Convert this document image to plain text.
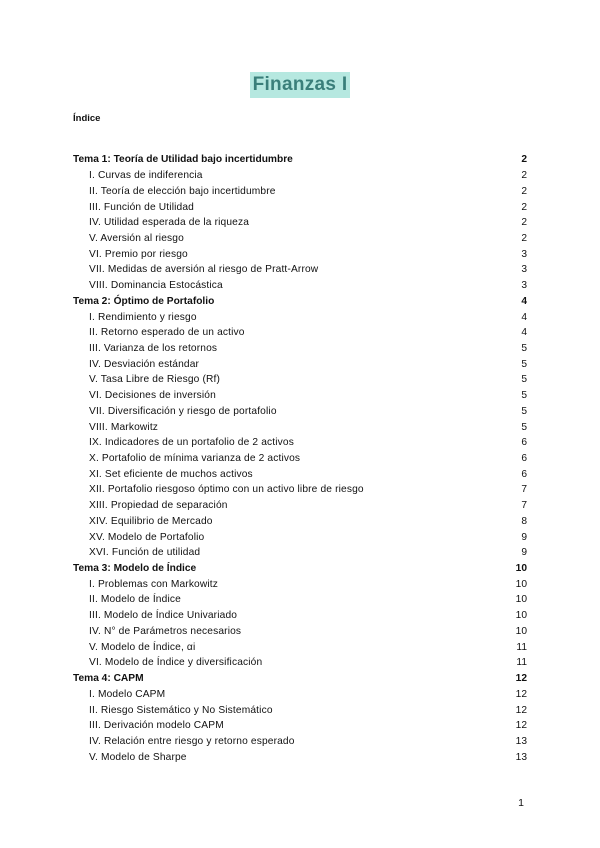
Finanzas I
Índice
Tema 1: Teoría de Utilidad bajo incertidumbre	2
I. Curvas de indiferencia	2
II. Teoría de elección bajo incertidumbre	2
III. Función de Utilidad	2
IV. Utilidad esperada de la riqueza	2
V. Aversión al riesgo	2
VI. Premio por riesgo	3
VII. Medidas de aversión al riesgo de Pratt-Arrow	3
VIII. Dominancia Estocástica	3
Tema 2: Óptimo de Portafolio	4
I. Rendimiento y riesgo	4
II. Retorno esperado de un activo	4
III. Varianza de los retornos	5
IV. Desviación estándar	5
V. Tasa Libre de Riesgo (Rf)	5
VI. Decisiones de inversión	5
VII. Diversificación y riesgo de portafolio	5
VIII. Markowitz	5
IX. Indicadores de un portafolio de 2 activos	6
X. Portafolio de mínima varianza de 2 activos	6
XI. Set eficiente de muchos activos	6
XII. Portafolio riesgoso óptimo con un activo libre de riesgo	7
XIII. Propiedad de separación	7
XIV. Equilibrio de Mercado	8
XV. Modelo de Portafolio	9
XVI. Función de utilidad	9
Tema 3: Modelo de Índice	10
I. Problemas con Markowitz	10
II. Modelo de Índice	10
III. Modelo de Índice Univariado	10
IV. N° de Parámetros necesarios	10
V. Modelo de Índice, αi	11
VI. Modelo de Índice y diversificación	11
Tema 4: CAPM	12
I. Modelo CAPM	12
II. Riesgo Sistemático y No Sistemático	12
III. Derivación modelo CAPM	12
IV. Relación entre riesgo y retorno esperado	13
V. Modelo de Sharpe	13
1
